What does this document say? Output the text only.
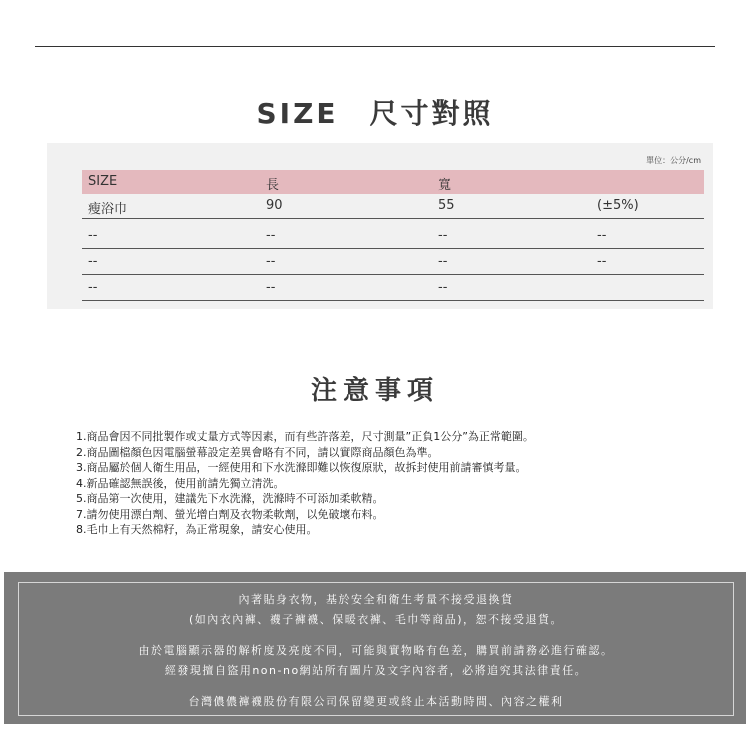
SIZE　尺寸對照
單位：公分/cm
SIZE	長	寬
瘦浴巾	90	55	(±5%)
--	--	--	--
--	--	--	--
--	--	--
注意事項
1.商品會因不同批製作或丈量方式等因素，而有些許落差，尺寸測量”正負1公分”為正常範圍。
2.商品圖檔顏色因電腦螢幕設定差異會略有不同，請以實際商品顏色為準。
3.商品屬於個人衛生用品，一經使用和下水洗滌即難以恢復原狀，故拆封使用前請審慎考量。
4.新品確認無誤後，使用前請先獨立清洗。
5.商品第一次使用，建議先下水洗滌，洗滌時不可添加柔軟精。
7.請勿使用漂白劑、螢光增白劑及衣物柔軟劑，以免破壞布料。
8.毛巾上有天然棉籽，為正常現象，請安心使用。
內著貼身衣物，基於安全和衛生考量不接受退換貨
(如內衣內褲、襪子褲襪、保暖衣褲、毛巾等商品)，恕不接受退貨。
由於電腦顯示器的解析度及亮度不同，可能與實物略有色差，購買前請務必進行確認。
經發現擅自盜用non-no網站所有圖片及文字內容者，必將追究其法律責任。
台灣儂儂褲襪股份有限公司保留變更或終止本活動時間、內容之權利
